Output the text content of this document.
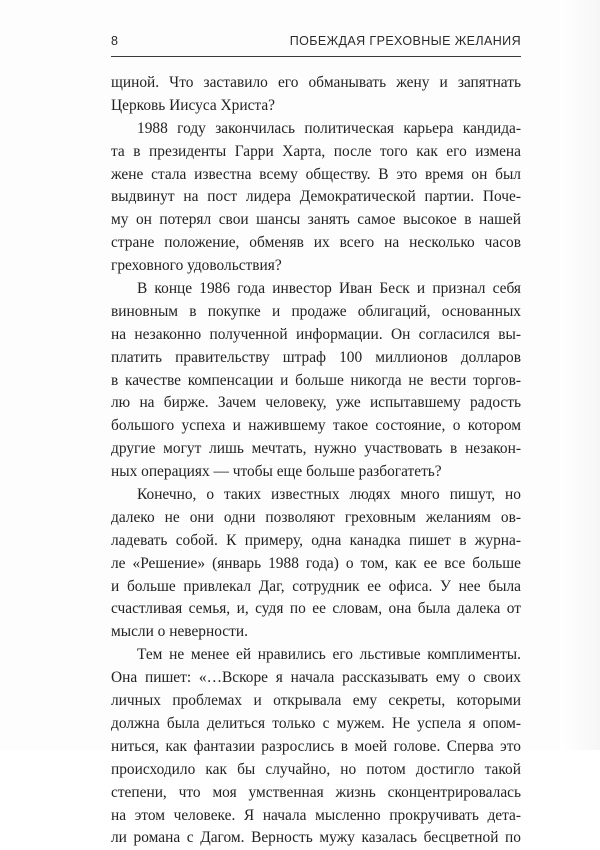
8	ПОБЕЖДАЯ ГРЕХОВНЫЕ ЖЕЛАНИЯ
щиной. Что заставило его обманывать жену и запятнать
Церковь Иисуса Христа?
1988 году закончилась политическая карьера кандида-
та в президенты Гарри Харта, после того как его измена
жене стала известна всему обществу. В это время он был
выдвинут на пост лидера Демократической партии. Поче-
му он потерял свои шансы занять самое высокое в нашей
стране положение, обменяв их всего на несколько часов
греховного удовольствия?
В конце 1986 года инвестор Иван Беск и признал себя
виновным в покупке и продаже облигаций, основанных
на незаконно полученной информации. Он согласился вы-
платить правительству штраф 100 миллионов долларов
в качестве компенсации и больше никогда не вести торгов-
лю на бирже. Зачем человеку, уже испытавшему радость
большого успеха и нажившему такое состояние, о котором
другие могут лишь мечтать, нужно участвовать в незакон-
ных операциях — чтобы еще больше разбогатеть?
Конечно, о таких известных людях много пишут, но
далеко не они одни позволяют греховным желаниям ов-
ладевать собой. К примеру, одна канадка пишет в журна-
ле «Решение» (январь 1988 года) о том, как ее все больше
и больше привлекал Даг, сотрудник ее офиса. У нее была
счастливая семья, и, судя по ее словам, она была далека от
мысли о неверности.
Тем не менее ей нравились его льстивые комплименты.
Она пишет: «…Вскоре я начала рассказывать ему о своих
личных проблемах и открывала ему секреты, которыми
должна была делиться только с мужем. Не успела я опом-
ниться, как фантазии разрослись в моей голове. Сперва это
происходило как бы случайно, но потом достигло такой
степени, что моя умственная жизнь сконцентрировалась
на этом человеке. Я начала мысленно прокручивать дета-
ли романа с Дагом. Верность мужу казалась бесцветной по
